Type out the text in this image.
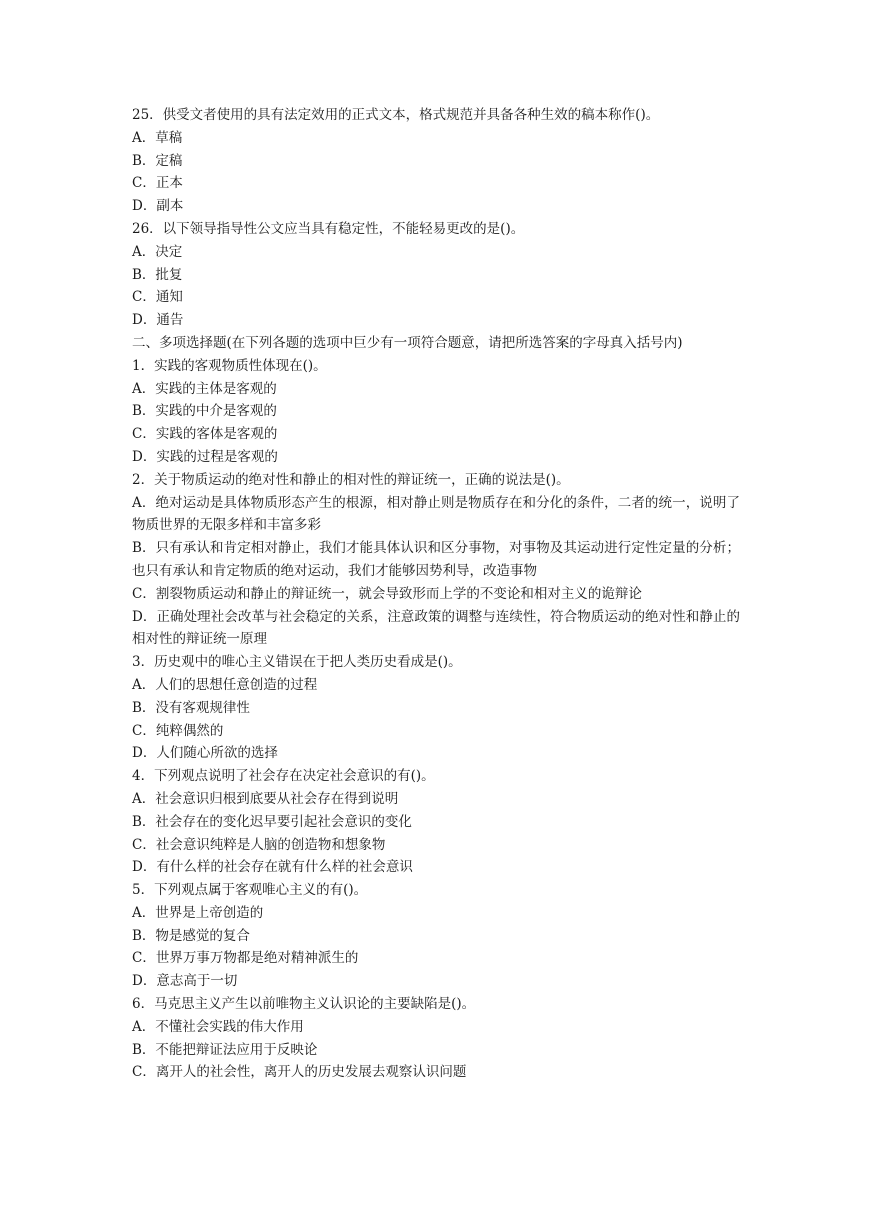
25．供受文者使用的具有法定效用的正式文本，格式规范并具备各种生效的稿本称作()。

A．草稿

B．定稿

C．正本

D．副本

26．以下领导指导性公文应当具有稳定性，不能轻易更改的是()。

A．决定

B．批复

C．通知

D．通告

二、多项选择题(在下列各题的选项中巨少有一项符合题意，请把所选答案的字母真入括号内)

1．实践的客观物质性体现在()。

A．实践的主体是客观的

B．实践的中介是客观的

C．实践的客体是客观的

D．实践的过程是客观的

2．关于物质运动的绝对性和静止的相对性的辩证统一，正确的说法是()。

A．绝对运动是具体物质形态产生的根源，相对静止则是物质存在和分化的条件，二者的统一，说明了物质世界的无限多样和丰富多彩

B．只有承认和肯定相对静止，我们才能具体认识和区分事物，对事物及其运动进行定性定量的分析；也只有承认和肯定物质的绝对运动，我们才能够因势利导，改造事物

C．割裂物质运动和静止的辩证统一，就会导致形而上学的不变论和相对主义的诡辩论

D．正确处理社会改革与社会稳定的关系，注意政策的调整与连续性，符合物质运动的绝对性和静止的相对性的辩证统一原理

3．历史观中的唯心主义错误在于把人类历史看成是()。

A．人们的思想任意创造的过程

B．没有客观规律性

C．纯粹偶然的

D．人们随心所欲的选择

4．下列观点说明了社会存在决定社会意识的有()。

A．社会意识归根到底要从社会存在得到说明

B．社会存在的变化迟早要引起社会意识的变化

C．社会意识纯粹是人脑的创造物和想象物

D．有什么样的社会存在就有什么样的社会意识

5．下列观点属于客观唯心主义的有()。

A．世界是上帝创造的

B．物是感觉的复合

C．世界万事万物都是绝对精神派生的

D．意志高于一切

6．马克思主义产生以前唯物主义认识论的主要缺陷是()。

A．不懂社会实践的伟大作用

B．不能把辩证法应用于反映论

C．离开人的社会性，离开人的历史发展去观察认识问题
